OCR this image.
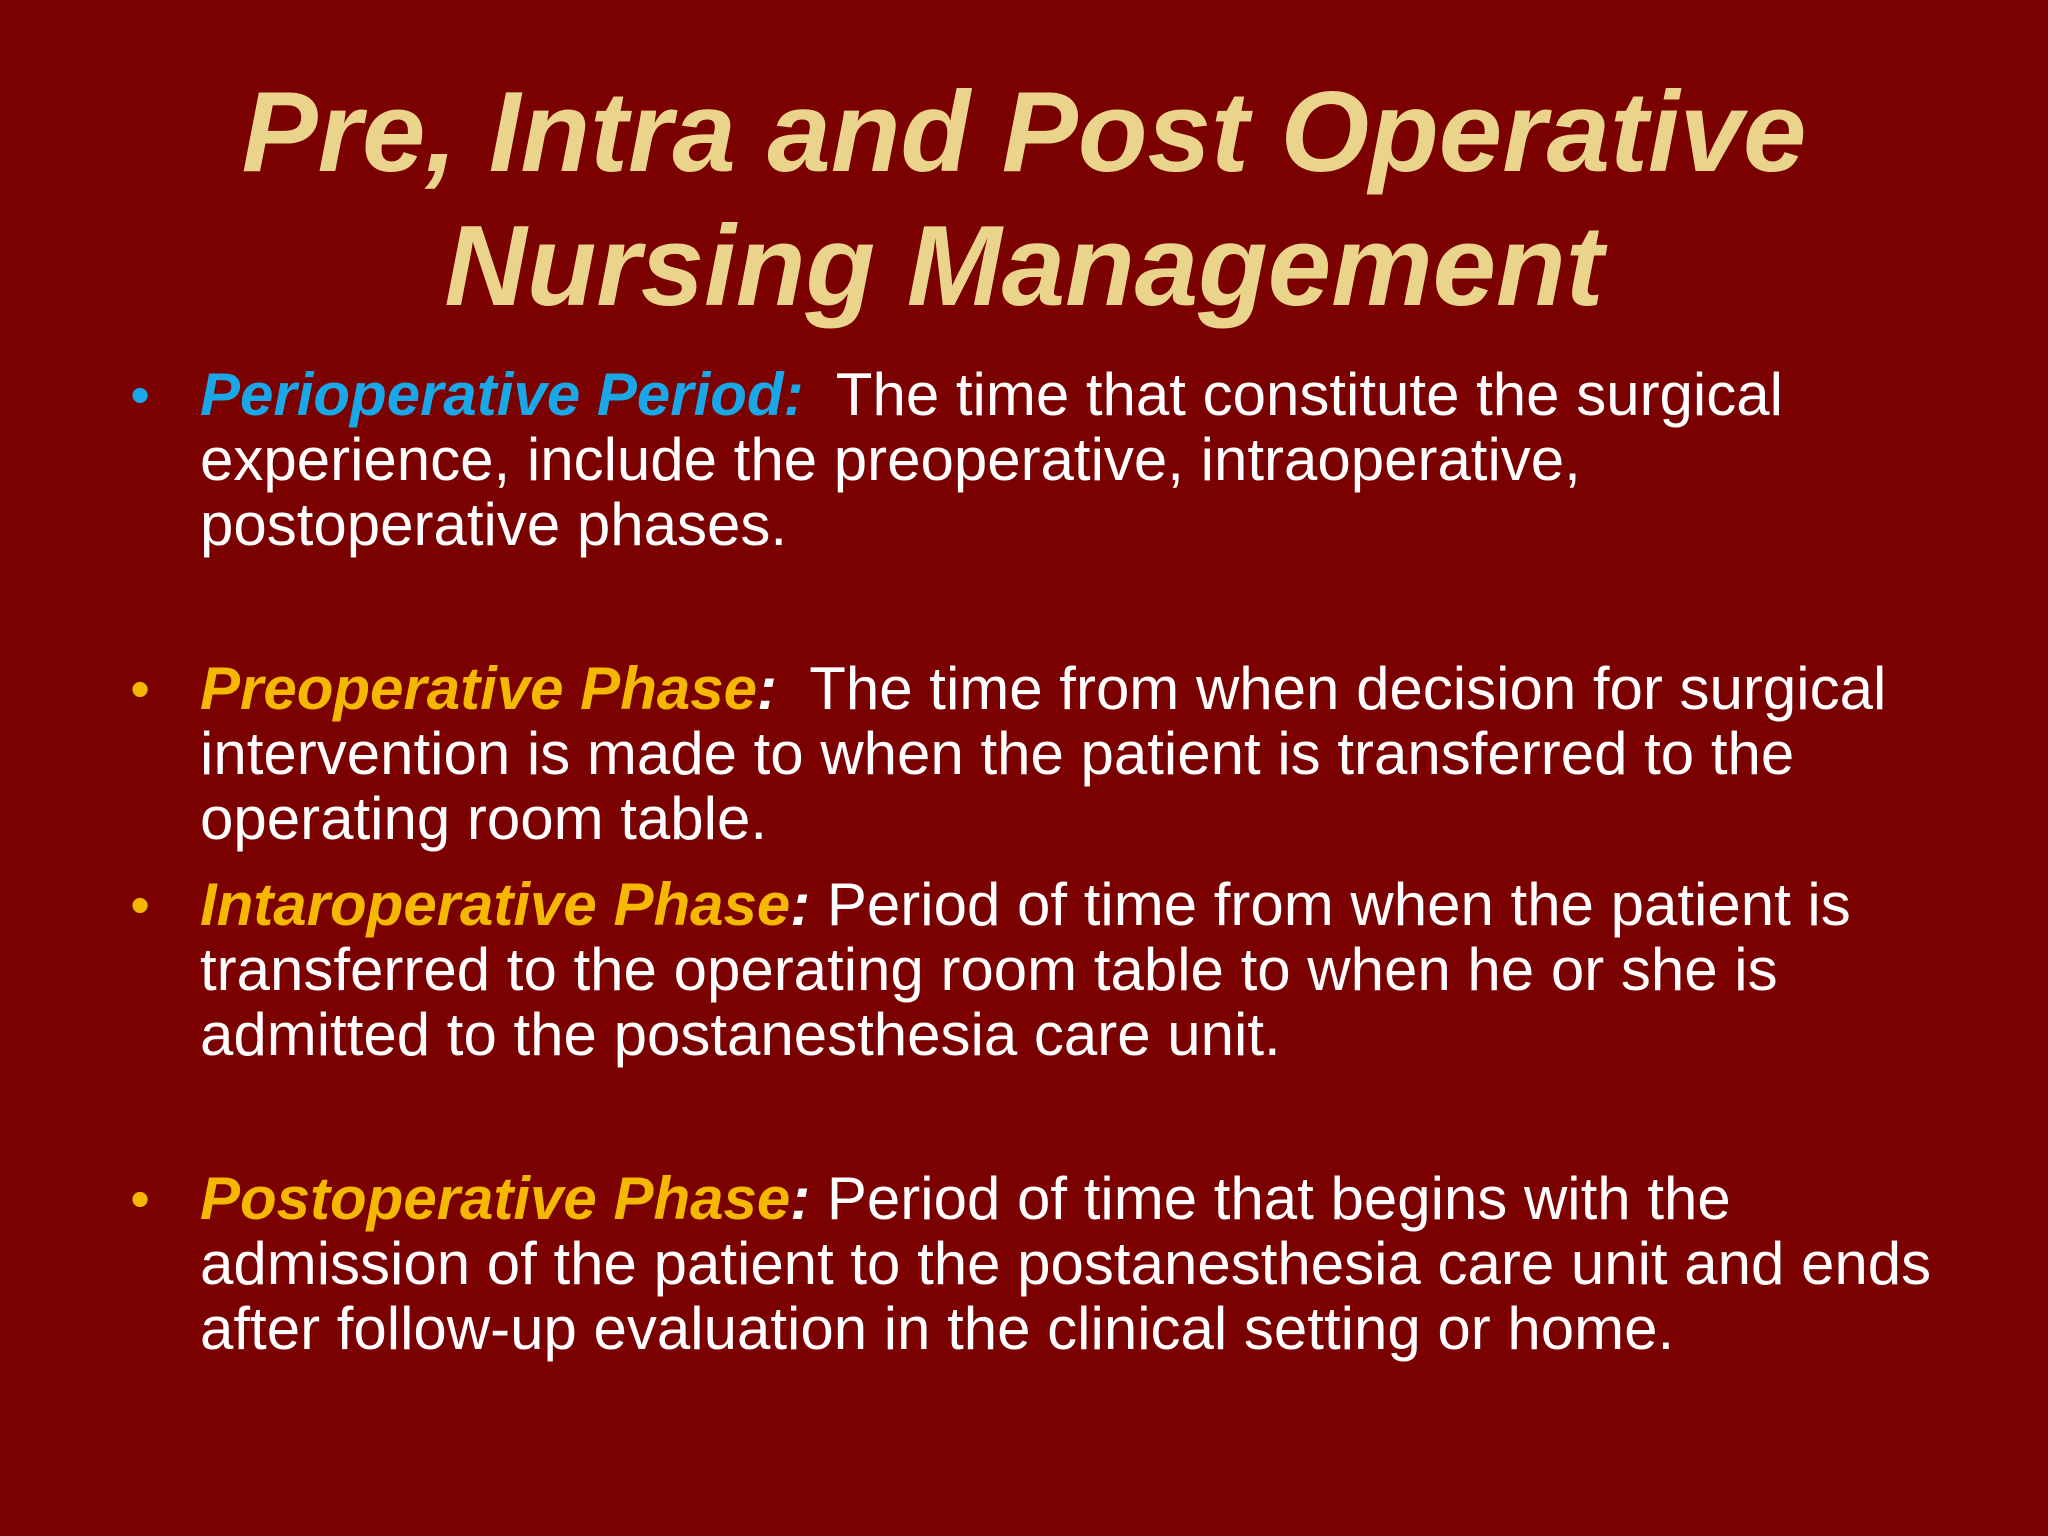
Pre, Intra and Post Operative
Nursing Management
• Perioperative Period:  The time that constitute the surgical experience, include the preoperative, intraoperative, postoperative phases.
• Preoperative Phase:  The time from when decision for surgical intervention is made to when the patient is transferred to the operating room table.
• Intaroperative Phase: Period of time from when the patient is transferred to the operating room table to when he or she is admitted to the postanesthesia care unit.
• Postoperative Phase: Period of time that begins with the admission of the patient to the postanesthesia care unit and ends after follow-up evaluation in the clinical setting or home.
